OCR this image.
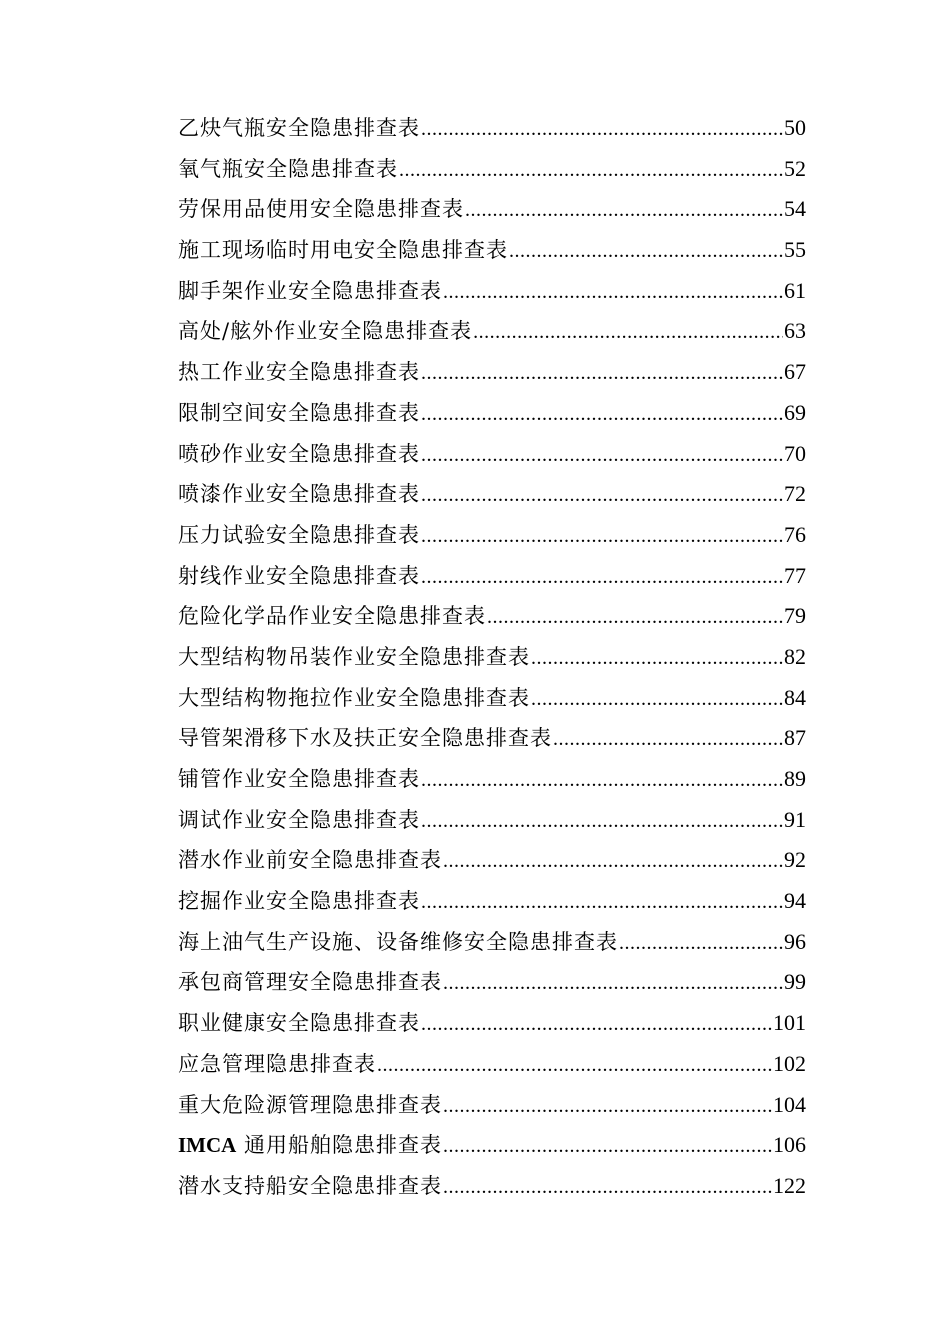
乙炔气瓶安全隐患排查表 .....	50
氧气瓶安全隐患排查表 .....	52
劳保用品使用安全隐患排查表 .....	54
施工现场临时用电安全隐患排查表 .....	55
脚手架作业安全隐患排查表 .....	61
高处/舷外作业安全隐患排查表 .....	63
热工作业安全隐患排查表 .....	67
限制空间安全隐患排查表 .....	69
喷砂作业安全隐患排查表 .....	70
喷漆作业安全隐患排查表 .....	72
压力试验安全隐患排查表 .....	76
射线作业安全隐患排查表 .....	77
危险化学品作业安全隐患排查表 .....	79
大型结构物吊装作业安全隐患排查表 .....	82
大型结构物拖拉作业安全隐患排查表 .....	84
导管架滑移下水及扶正安全隐患排查表 .....	87
铺管作业安全隐患排查表 .....	89
调试作业安全隐患排查表 .....	91
潜水作业前安全隐患排查表 .....	92
挖掘作业安全隐患排查表 .....	94
海上油气生产设施、设备维修安全隐患排查表 .....	96
承包商管理安全隐患排查表 .....	99
职业健康安全隐患排查表 .....	101
应急管理隐患排查表 .....	102
重大危险源管理隐患排查表 .....	104
IMCA 通用船舶隐患排查表 .....	106
潜水支持船安全隐患排查表 .....	122
